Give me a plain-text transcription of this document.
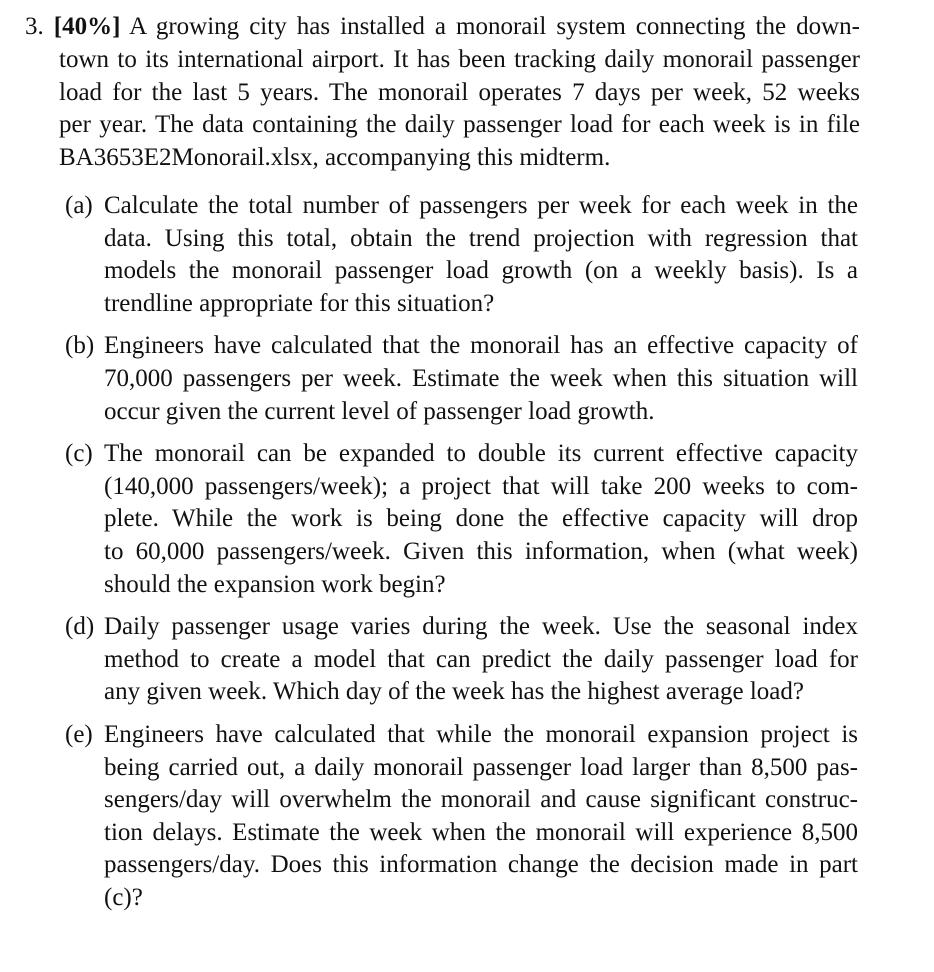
3. [40%] A growing city has installed a monorail system connecting the down-
town to its international airport. It has been tracking daily monorail passenger
load for the last 5 years. The monorail operates 7 days per week, 52 weeks
per year. The data containing the daily passenger load for each week is in file
BA3653E2Monorail.xlsx, accompanying this midterm.
(a) Calculate the total number of passengers per week for each week in the
data. Using this total, obtain the trend projection with regression that
models the monorail passenger load growth (on a weekly basis). Is a
trendline appropriate for this situation?
(b) Engineers have calculated that the monorail has an effective capacity of
70,000 passengers per week. Estimate the week when this situation will
occur given the current level of passenger load growth.
(c) The monorail can be expanded to double its current effective capacity
(140,000 passengers/week); a project that will take 200 weeks to com-
plete. While the work is being done the effective capacity will drop
to 60,000 passengers/week. Given this information, when (what week)
should the expansion work begin?
(d) Daily passenger usage varies during the week. Use the seasonal index
method to create a model that can predict the daily passenger load for
any given week. Which day of the week has the highest average load?
(e) Engineers have calculated that while the monorail expansion project is
being carried out, a daily monorail passenger load larger than 8,500 pas-
sengers/day will overwhelm the monorail and cause significant construc-
tion delays. Estimate the week when the monorail will experience 8,500
passengers/day. Does this information change the decision made in part
(c)?
